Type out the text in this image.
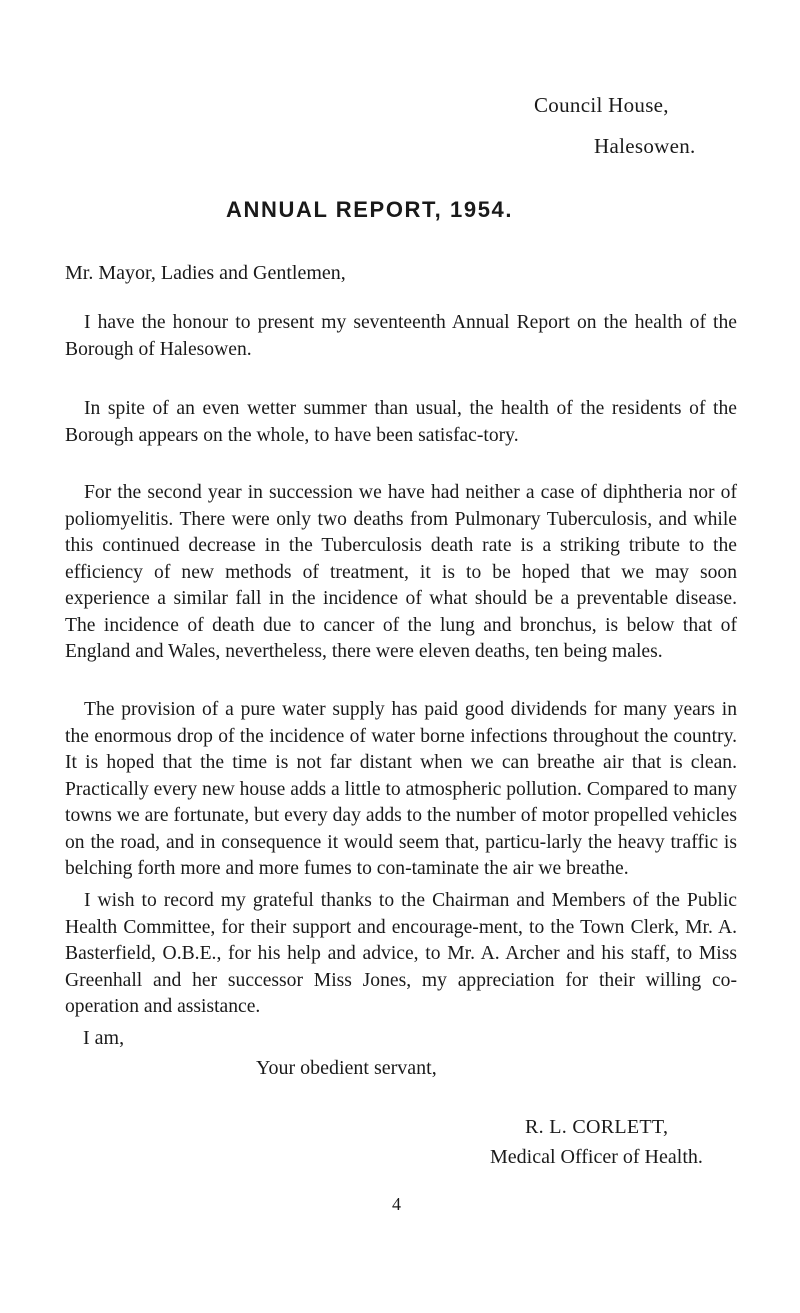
Council House,
Halesowen.
ANNUAL REPORT, 1954.
Mr. Mayor, Ladies and Gentlemen,

I have the honour to present my seventeenth Annual Report on the health of the Borough of Halesowen.

In spite of an even wetter summer than usual, the health of the residents of the Borough appears on the whole, to have been satisfac-tory.

For the second year in succession we have had neither a case of diphtheria nor of poliomyelitis. There were only two deaths from Pulmonary Tuberculosis, and while this continued decrease in the Tuberculosis death rate is a striking tribute to the efficiency of new methods of treatment, it is to be hoped that we may soon experience a similar fall in the incidence of what should be a preventable disease. The incidence of death due to cancer of the lung and bronchus, is below that of England and Wales, nevertheless, there were eleven deaths, ten being males.

The provision of a pure water supply has paid good dividends for many years in the enormous drop of the incidence of water borne infections throughout the country. It is hoped that the time is not far distant when we can breathe air that is clean. Practically every new house adds a little to atmospheric pollution. Compared to many towns we are fortunate, but every day adds to the number of motor propelled vehicles on the road, and in consequence it would seem that, particu-larly the heavy traffic is belching forth more and more fumes to con-taminate the air we breathe.

I wish to record my grateful thanks to the Chairman and Members of the Public Health Committee, for their support and encourage-ment, to the Town Clerk, Mr. A. Basterfield, O.B.E., for his help and advice, to Mr. A. Archer and his staff, to Miss Greenhall and her successor Miss Jones, my appreciation for their willing co-operation and assistance.

I am,
Your obedient servant,
R. L. CORLETT,
Medical Officer of Health.
4
